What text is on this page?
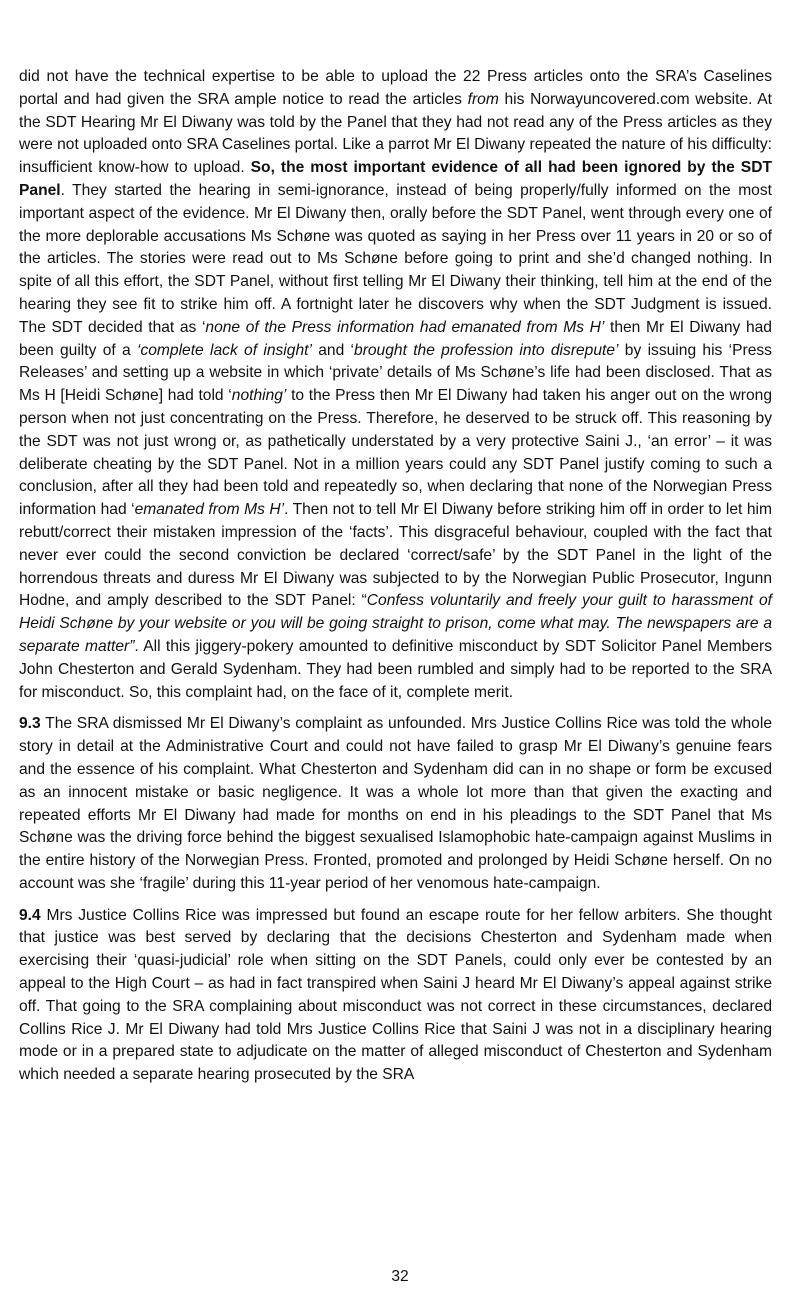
did not have the technical expertise to be able to upload the 22 Press articles onto the SRA’s Caselines portal and had given the SRA ample notice to read the articles from his Norwayuncovered.com website. At the SDT Hearing Mr El Diwany was told by the Panel that they had not read any of the Press articles as they were not uploaded onto SRA Caselines portal. Like a parrot Mr El Diwany repeated the nature of his difficulty: insufficient know-how to upload. So, the most important evidence of all had been ignored by the SDT Panel. They started the hearing in semi-ignorance, instead of being properly/fully informed on the most important aspect of the evidence. Mr El Diwany then, orally before the SDT Panel, went through every one of the more deplorable accusations Ms Schøne was quoted as saying in her Press over 11 years in 20 or so of the articles. The stories were read out to Ms Schøne before going to print and she’d changed nothing. In spite of all this effort, the SDT Panel, without first telling Mr El Diwany their thinking, tell him at the end of the hearing they see fit to strike him off. A fortnight later he discovers why when the SDT Judgment is issued. The SDT decided that as ‘none of the Press information had emanated from Ms H’ then Mr El Diwany had been guilty of a ‘complete lack of insight’ and ‘brought the profession into disrepute’ by issuing his ‘Press Releases’ and setting up a website in which ‘private’ details of Ms Schøne’s life had been disclosed. That as Ms H [Heidi Schøne] had told ‘nothing’ to the Press then Mr El Diwany had taken his anger out on the wrong person when not just concentrating on the Press. Therefore, he deserved to be struck off. This reasoning by the SDT was not just wrong or, as pathetically understated by a very protective Saini J., ‘an error’ – it was deliberate cheating by the SDT Panel. Not in a million years could any SDT Panel justify coming to such a conclusion, after all they had been told and repeatedly so, when declaring that none of the Norwegian Press information had ‘emanated from Ms H’. Then not to tell Mr El Diwany before striking him off in order to let him rebutt/correct their mistaken impression of the ‘facts’. This disgraceful behaviour, coupled with the fact that never ever could the second conviction be declared ‘correct/safe’ by the SDT Panel in the light of the horrendous threats and duress Mr El Diwany was subjected to by the Norwegian Public Prosecutor, Ingunn Hodne, and amply described to the SDT Panel: “Confess voluntarily and freely your guilt to harassment of Heidi Schøne by your website or you will be going straight to prison, come what may. The newspapers are a separate matter”. All this jiggery-pokery amounted to definitive misconduct by SDT Solicitor Panel Members John Chesterton and Gerald Sydenham. They had been rumbled and simply had to be reported to the SRA for misconduct. So, this complaint had, on the face of it, complete merit.

9.3 The SRA dismissed Mr El Diwany’s complaint as unfounded. Mrs Justice Collins Rice was told the whole story in detail at the Administrative Court and could not have failed to grasp Mr El Diwany’s genuine fears and the essence of his complaint. What Chesterton and Sydenham did can in no shape or form be excused as an innocent mistake or basic negligence. It was a whole lot more than that given the exacting and repeated efforts Mr El Diwany had made for months on end in his pleadings to the SDT Panel that Ms Schøne was the driving force behind the biggest sexualised Islamophobic hate-campaign against Muslims in the entire history of the Norwegian Press. Fronted, promoted and prolonged by Heidi Schøne herself. On no account was she ‘fragile’ during this 11-year period of her venomous hate-campaign.

9.4 Mrs Justice Collins Rice was impressed but found an escape route for her fellow arbiters. She thought that justice was best served by declaring that the decisions Chesterton and Sydenham made when exercising their ‘quasi-judicial’ role when sitting on the SDT Panels, could only ever be contested by an appeal to the High Court – as had in fact transpired when Saini J heard Mr El Diwany’s appeal against strike off. That going to the SRA complaining about misconduct was not correct in these circumstances, declared Collins Rice J. Mr El Diwany had told Mrs Justice Collins Rice that Saini J was not in a disciplinary hearing mode or in a prepared state to adjudicate on the matter of alleged misconduct of Chesterton and Sydenham which needed a separate hearing prosecuted by the SRA

32
